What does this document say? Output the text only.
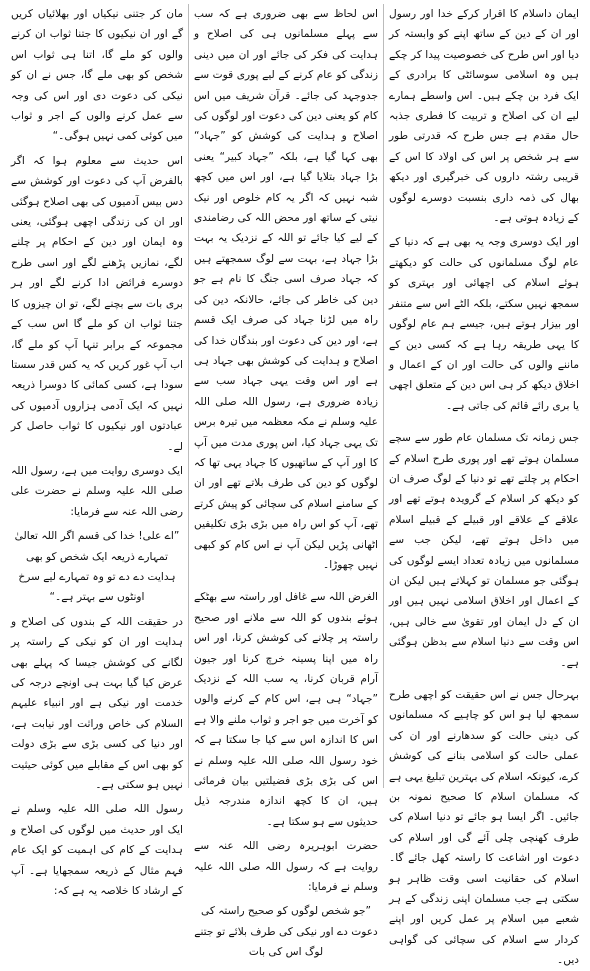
ایمان داسلام کا اقرار کرکے خدا اور رسول اور ان کے دین کے ساتھ اپنے کو وابستہ کر دیا اور اس طرح کی خصوصیت پیدا کر چکے ہیں وہ اسلامی سوسائٹی کا برادری کے ایک فرد بن چکے ہیں۔ اس واسطے ہمارے لیے ان کی اصلاح و تربیت کا فطری جذبہ حال مقدم ہے جس طرح کہ قدرتی طور سے ہر شخص پر اس کی اولاد کا اس کے قریبی رشتہ داروں کی خبرگیری اور دیکھ بھال کی ذمہ داری بنسبت دوسرے لوگوں کے زیادہ ہوتی ہے۔

اور ایک دوسری وجہ یہ بھی ہے کہ دنیا کے عام لوگ مسلمانوں کی حالت کو دیکھتے ہوئے اسلام کی اچھائی اور بہتری کو سمجھ نہیں سکتے، بلکہ الٹے اس سے متنفر اور بیزار ہوتے ہیں، جیسے ہم عام لوگوں کا یہی طریقہ رہا ہے کہ کسی دین کے ماننے والوں کی حالت اور ان کے اعمال و اخلاق دیکھ کر ہی اس دین کے متعلق اچھی یا بری رائے قائم کی جاتی ہے۔

جس زمانہ تک مسلمان عام طور سے سچے مسلمان ہوتے تھے اور پوری طرح اسلام کے احکام پر چلتے تھے تو دنیا کے لوگ صرف ان کو دیکھ کر اسلام کے گرویدہ ہوتے تھے اور علاقے کے علاقے اور قبیلے کے قبیلے اسلام میں داخل ہوتے تھے، لیکن جب سے مسلمانوں میں زیادہ تعداد ایسے لوگوں کی ہوگئی جو مسلمان تو کہلاتے ہیں لیکن ان کے اعمال اور اخلاق اسلامی نہیں ہیں اور ان کے دل ایمان اور تقویٰ سے خالی ہیں، اس وقت سے دنیا اسلام سے بدظن ہوگئی ہے۔

بہرحال جس نے اس حقیقت کو اچھی طرح سمجھ لیا ہو اس کو چاہیے کہ مسلمانوں کی دینی حالت کو سدھارنے اور ان کی عملی حالت کو اسلامی بنانے کی کوشش کرے، کیونکہ اسلام کی بہترین تبلیغ یہی ہے کہ مسلمان اسلام کا صحیح نمونہ بن جائیں۔ اگر ایسا ہو جائے تو دنیا اسلام کی طرف کھنچی چلی آئے گی اور اسلام کی دعوت اور اشاعت کا راستہ کھل جائے گا۔ اسلام کی حقانیت اسی وقت ظاہر ہو سکتی ہے جب مسلمان اپنی زندگی کے ہر شعبے میں اسلام پر عمل کریں اور اپنے کردار سے اسلام کی سچائی کی گواہی دیں۔

اس لحاظ سے بھی ضروری ہے کہ سب سے پہلے مسلمانوں ہی کی اصلاح و ہدایت کی فکر کی جائے اور ان میں دینی زندگی کو عام کرنے کے لیے پوری قوت سے جدوجہد کی جائے۔ قرآن شریف میں اس کام کو یعنی دین کی دعوت اور لوگوں کی اصلاح و ہدایت کی کوشش کو ”جہاد“ بھی کہا گیا ہے، بلکہ ”جہاد کبیر“ یعنی بڑا جہاد بتلایا گیا ہے، اور اس میں کچھ شبہ نہیں کہ اگر یہ کام خلوص اور نیک نیتی کے ساتھ اور محض اللہ کی رضامندی کے لیے کیا جائے تو اللہ کے نزدیک یہ بہت بڑا جہاد ہے، بہت سے لوگ سمجھتے ہیں کہ جہاد صرف اسی جنگ کا نام ہے جو دین کی خاطر کی جائے، حالانکہ دین کی راہ میں لڑنا جہاد کی صرف ایک قسم ہے، اور دین کی دعوت اور بندگان خدا کی اصلاح و ہدایت کی کوشش بھی جہاد ہی ہے اور اس وقت یہی جہاد سب سے زیادہ ضروری ہے، رسول اللہ صلی اللہ علیہ وسلم نے مکہ معظمہ میں تیرہ برس تک یہی جہاد کیا، اس پوری مدت میں آپ کا اور آپ کے ساتھیوں کا جہاد یہی تھا کہ لوگوں کو دین کی طرف بلاتے تھے اور ان کے سامنے اسلام کی سچائی کو پیش کرتے تھے، آپ کو اس راہ میں بڑی بڑی تکلیفیں اٹھانی پڑیں لیکن آپ نے اس کام کو کبھی نہیں چھوڑا۔

الغرض اللہ سے غافل اور راستہ سے بھٹکے ہوئے بندوں کو اللہ سے ملانے اور صحیح راستہ پر چلانے کی کوشش کرنا، اور اس راہ میں اپنا پسینہ خرچ کرنا اور جیون آرام قربان کرنا، یہ سب اللہ کے نزدیک ”جہاد“ ہی ہے، اس کام کے کرنے والوں کو آخرت میں جو اجر و ثواب ملنے والا ہے اس کا اندازہ اس سے کیا جا سکتا ہے کہ خود رسول اللہ صلی اللہ علیہ وسلم نے اس کی بڑی بڑی فضیلتیں بیان فرمائی ہیں، ان کا کچھ اندازہ مندرجہ ذیل حدیثوں سے ہو سکتا ہے۔

حضرت ابوہریرہ رضی اللہ عنہ سے روایت ہے کہ رسول اللہ صلی اللہ علیہ وسلم نے فرمایا:

”جو شخص لوگوں کو صحیح راستہ کی دعوت دے اور نیکی کی طرف بلائے تو جتنے لوگ اس کی بات

مان کر جتنی نیکیاں اور بھلائیاں کریں گے اور ان نیکیوں کا جتنا ثواب ان کرنے والوں کو ملے گا، اتنا ہی ثواب اس شخص کو بھی ملے گا، جس نے ان کو نیکی کی دعوت دی اور اس کی وجہ سے عمل کرنے والوں کے اجر و ثواب میں کوئی کمی نہیں ہوگی۔“

اس حدیث سے معلوم ہوا کہ اگر بالفرض آپ کی دعوت اور کوشش سے دس بیس آدمیوں کی بھی اصلاح ہوگئی اور ان کی زندگی اچھی ہوگئی، یعنی وہ ایمان اور دین کے احکام پر چلنے لگے، نمازیں پڑھنے لگے اور اسی طرح دوسرے فرائض ادا کرنے لگے اور ہر بری بات سے بچنے لگے، تو ان چیزوں کا جتنا ثواب ان کو ملے گا اس سب کے مجموعہ کے برابر تنہا آپ کو ملے گا، اب آپ غور کریں کہ یہ کس قدر سستا سودا ہے، کسی کمائی کا دوسرا ذریعہ نہیں کہ ایک آدمی ہزاروں آدمیوں کی عبادتوں اور نیکیوں کا ثواب حاصل کر لے۔

ایک دوسری روایت میں ہے، رسول اللہ صلی اللہ علیہ وسلم نے حضرت علی رضی اللہ عنہ سے فرمایا:

”اے علی! خدا کی قسم اگر اللہ تعالیٰ تمہارے ذریعہ ایک شخص کو بھی ہدایت دے دے تو وہ تمہارے لیے سرخ اونٹوں سے بہتر ہے۔“

در حقیقت اللہ کے بندوں کی اصلاح و ہدایت اور ان کو نیکی کے راستہ پر لگانے کی کوشش جیسا کہ پہلے بھی عرض کیا گیا بہت ہی اونچے درجہ کی خدمت اور نیکی ہے اور انبیاء علیہم السلام کی خاص وراثت اور نیابت ہے، اور دنیا کی کسی بڑی سے بڑی دولت کو بھی اس کے مقابلے میں کوئی حیثیت نہیں ہو سکتی ہے۔

رسول اللہ صلی اللہ علیہ وسلم نے ایک اور حدیث میں لوگوں کی اصلاح و ہدایت کے کام کی اہمیت کو ایک عام فہم مثال کے ذریعہ سمجھایا ہے۔ آپ کے ارشاد کا خلاصہ یہ ہے کہ:
